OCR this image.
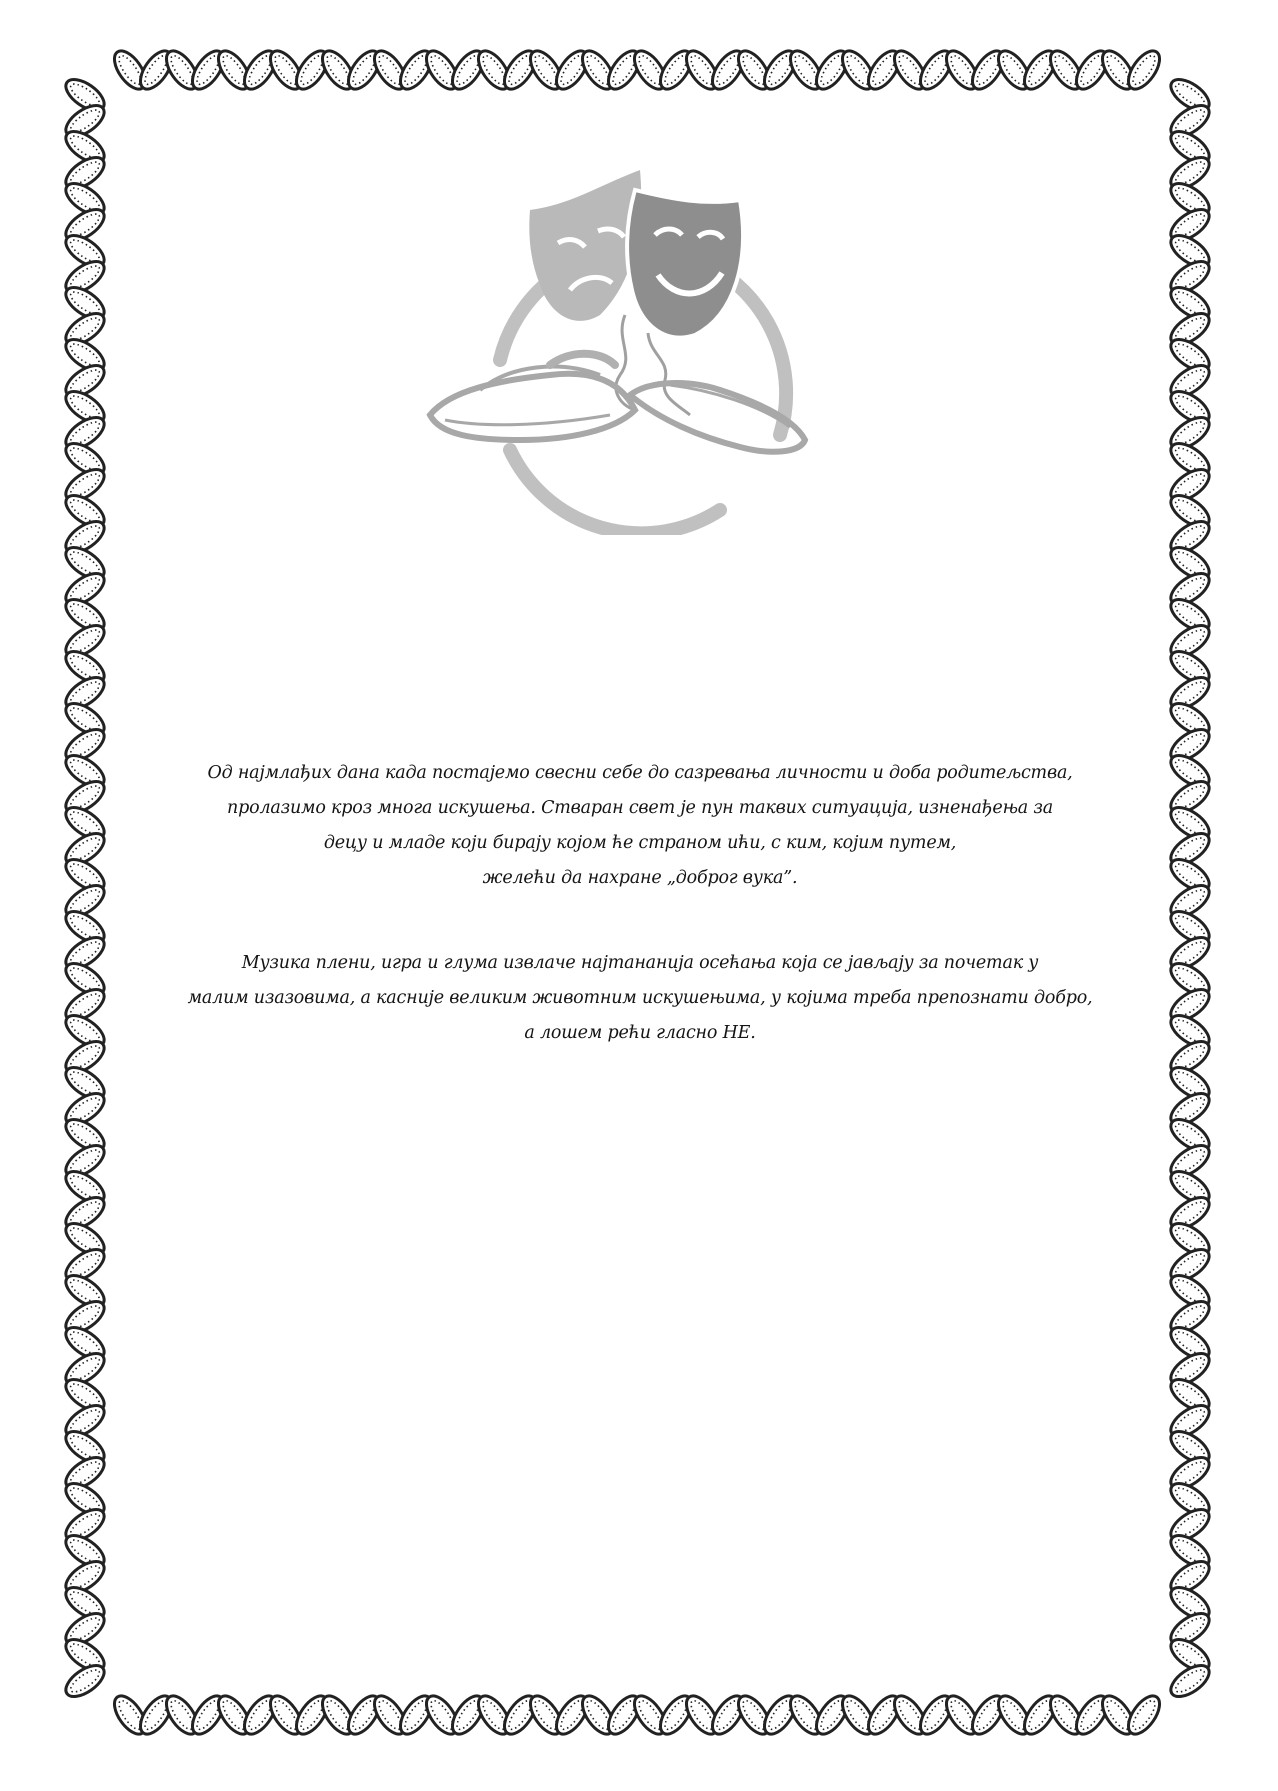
Од најмлађих дана када постајемо свесни себе до сазревања личности и доба родитељства,
пролазимо кроз многа искушења. Стваран свет је пун таквих ситуација, изненађења за
децу и младе који бирају којом ће страном ићи, с ким, којим путем,
желећи да нахране „доброг вука”.
Музика плени, игра и глума извлаче најтананија осећања која се јављају за почетак у
малим изазовима, а касније великим животним искушењима, у којима треба препознати добро,
а лошем рећи гласно НЕ.
